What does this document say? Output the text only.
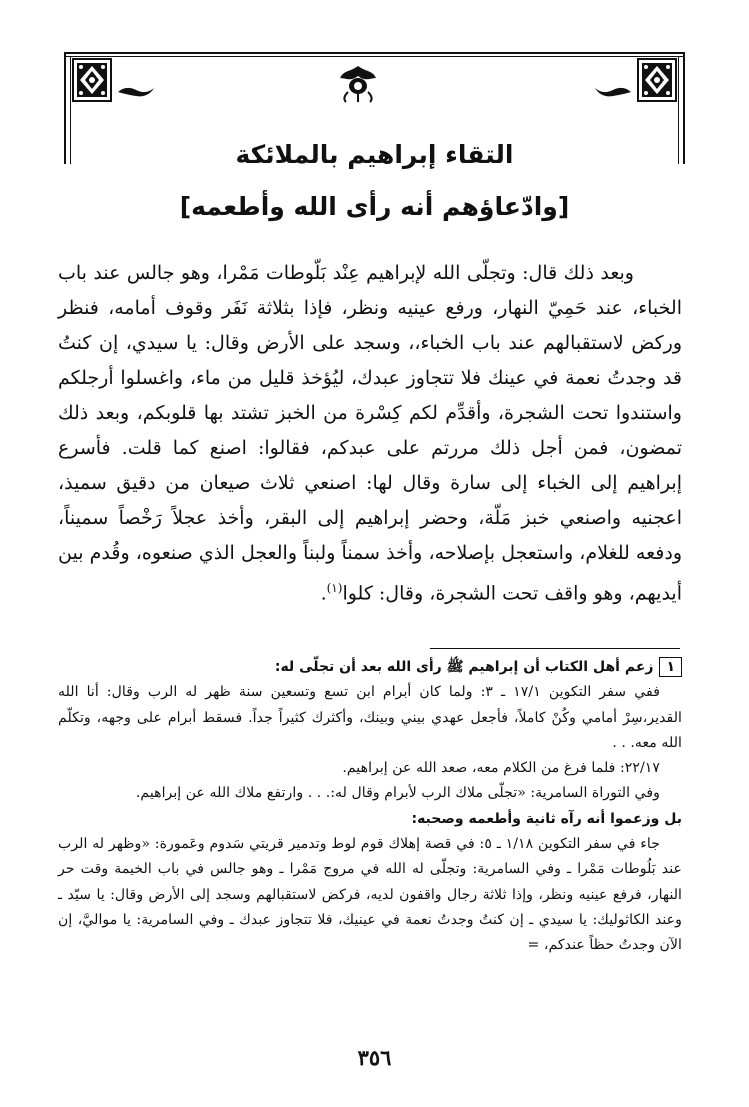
التقاء إبراهيم بالملائكة
[وادّعاؤهم أنه رأى الله وأطعمه]

وبعد ذلك قال: وتجلّى الله لإبراهيم عِنْد بَلّوطات مَمْرا، وهو جالس عند باب الخباء، عند حَمِيّ النهار، ورفع عينيه ونظر، فإذا بثلاثة نَفَر وقوف أمامه، فنظر وركض لاستقبالهم عند باب الخباء،، وسجد على الأرض وقال: يا سيدي، إن كنتُ قد وجدتُ نعمة في عينك فلا تتجاوز عبدك، ليُؤخذ قليل من ماء، واغسلوا أرجلكم واستندوا تحت الشجرة، وأقدِّم لكم كِسْرة من الخبز تشتد بها قلوبكم، وبعد ذلك تمضون، فمن أجل ذلك مررتم على عبدكم، فقالوا: اصنع كما قلت. فأسرع إبراهيم إلى الخباء إلى سارة وقال لها: اصنعي ثلاث صيعان من دقيق سميذ، اعجنيه واصنعي خبز مَلّة، وحضر إبراهيم إلى البقر، وأخذ عجلاً رَخْصاً سميناً، ودفعه للغلام، واستعجل بإصلاحه، وأخذ سمناً ولبناً والعجل الذي صنعوه، وقُدم بين أيديهم، وهو واقف تحت الشجرة، وقال: كلوا$^{(١)}$.

١زعم أهل الكتاب أن إبراهيم ﷺ رأى الله بعد أن تجلّى له:

ففي سفر التكوين ١٧/١ ـ ٣: ولما كان أبرام ابن تسع وتسعين سنة ظهر له الرب وقال: أنا الله القدير،سِرْ أمامي وكُنْ كاملاً، فأجعل عهدي بيني وبينك، وأكثرك كثيراً جداً. فسقط أبرام على وجهه، وتكلّم الله معه. . .

٢٢/١٧: فلما فرغ من الكلام معه، صعد الله عن إبراهيم.

وفي التوراة السامرية: «تجلّى ملاك الرب لأبرام وقال له:. . . وارتفع ملاك الله عن إبراهيم.

بل وزعموا أنه رآه ثانية وأطعمه وصحبه:

جاء في سفر التكوين ١/١٨ ـ ٥: في قصة إهلاك قوم لوط وتدمير قريتي سَدوم وعَمورة: «وظهر له الرب عند بَلُوطات مَمْرا ـ وفي السامرية: وتجلّى له الله في مروج مَمْرا ـ وهو جالس في باب الخيمة وقت حر النهار، فرفع عينيه ونظر، وإذا ثلاثة رجال واقفون لديه، فركض لاستقبالهم وسجد إلى الأرض وقال: يا سيّد ـ وعند الكاثوليك: يا سيدي ـ إن كنتُ وجدتُ نعمة في عينيك، فلا تتجاوز عبدك ـ وفي السامرية: يا مواليَّ، إن الآن وجدتُ حظاً عندكم، =

٣٥٦
